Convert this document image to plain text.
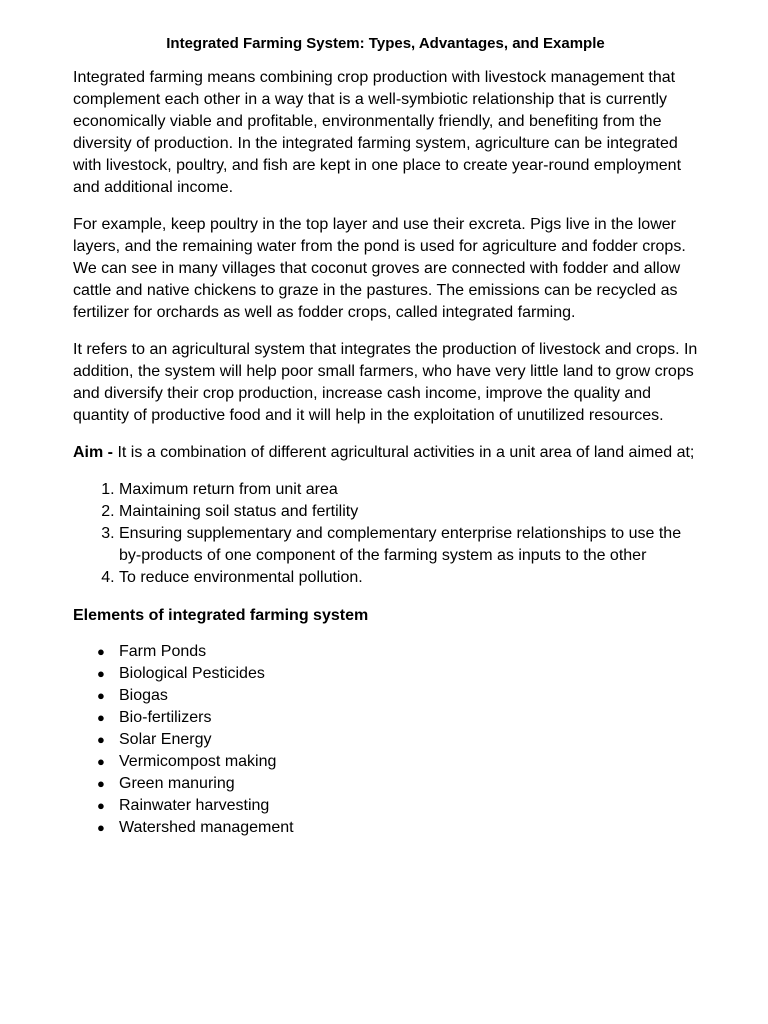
Integrated Farming System: Types, Advantages, and Example

Integrated farming means combining crop production with livestock management that complement each other in a way that is a well-symbiotic relationship that is currently economically viable and profitable, environmentally friendly, and benefiting from the diversity of production. In the integrated farming system, agriculture can be integrated with livestock, poultry, and fish are kept in one place to create year-round employment and additional income.

For example, keep poultry in the top layer and use their excreta. Pigs live in the lower layers, and the remaining water from the pond is used for agriculture and fodder crops. We can see in many villages that coconut groves are connected with fodder and allow cattle and native chickens to graze in the pastures. The emissions can be recycled as fertilizer for orchards as well as fodder crops, called integrated farming.

It refers to an agricultural system that integrates the production of livestock and crops. In addition, the system will help poor small farmers, who have very little land to grow crops and diversify their crop production, increase cash income, improve the quality and quantity of productive food and it will help in the exploitation of unutilized resources.

Aim - It is a combination of different agricultural activities in a unit area of land aimed at;

1. Maximum return from unit area
2. Maintaining soil status and fertility
3. Ensuring supplementary and complementary enterprise relationships to use the by-products of one component of the farming system as inputs to the other
4. To reduce environmental pollution.

Elements of integrated farming system

● Farm Ponds
● Biological Pesticides
● Biogas
● Bio-fertilizers
● Solar Energy
● Vermicompost making
● Green manuring
● Rainwater harvesting
● Watershed management
